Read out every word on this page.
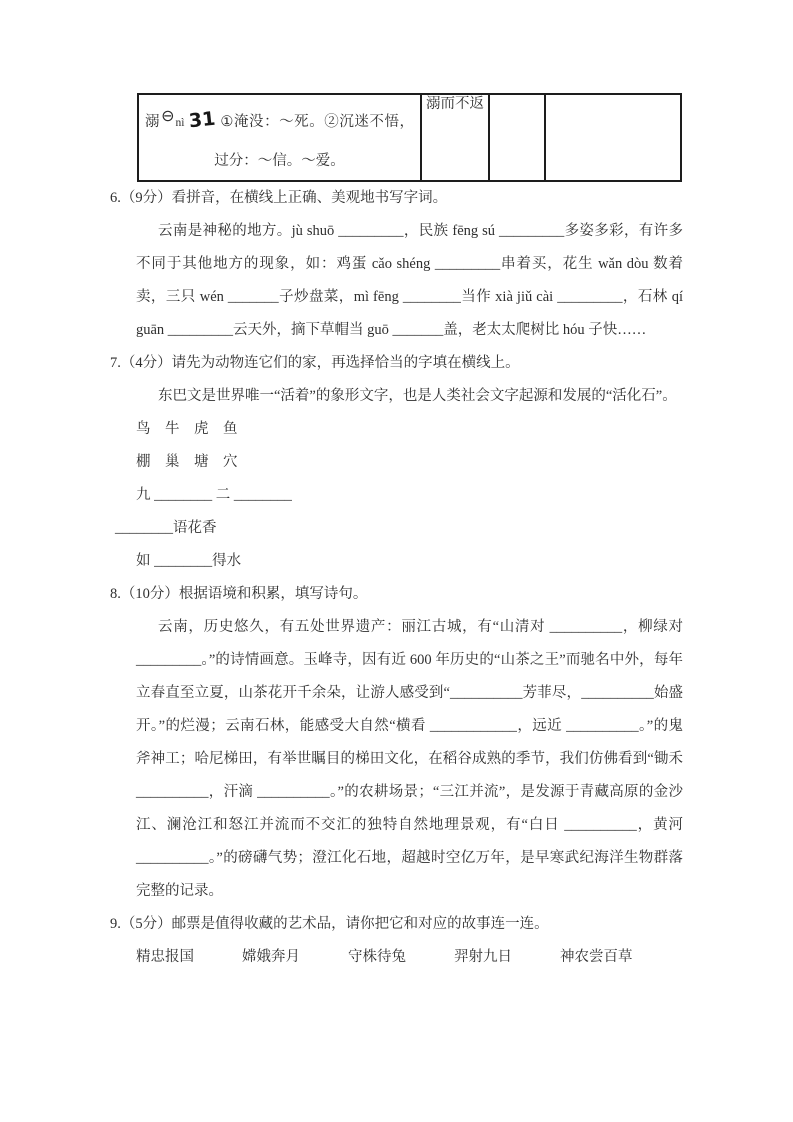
溺⊖nì 31 ①淹没：～死。②沉迷不悟，过分：～信。～爱。	溺而不返		
6.（9分）看拼音，在横线上正确、美观地书写字词。

云南是神秘的地方。jù shuō _________，民族 fēng sú _________多姿多彩，有许多不同于其他地方的现象，如：鸡蛋 cǎo shéng _________串着买，花生 wǎn dòu 数着卖，三只 wén _______子炒盘菜，mì fēng ________当作 xià jiǔ cài _________，石林 qí guān _________云天外，摘下草帽当 guō _______盖，老太太爬树比 hóu 子快……

7.（4分）请先为动物连它们的家，再选择恰当的字填在横线上。

东巴文是世界唯一“活着”的象形文字，也是人类社会文字起源和发展的“活化石”。

鸟　牛　虎　鱼
棚　巢　塘　穴
九 ________ 二 ________
________语花香
如 ________得水
8.（10分）根据语境和积累，填写诗句。

云南，历史悠久，有五处世界遗产：丽江古城，有“山清对 __________，柳绿对 _________。”的诗情画意。玉峰寺，因有近 600 年历史的“山茶之王”而驰名中外，每年立春直至立夏，山茶花开千余朵，让游人感受到“__________芳菲尽，__________始盛开。”的烂漫；云南石林，能感受大自然“横看 ____________，远近 __________。”的鬼斧神工；哈尼梯田，有举世瞩目的梯田文化，在稻谷成熟的季节，我们仿佛看到“锄禾 __________，汗滴 __________。”的农耕场景；“三江并流”，是发源于青藏高原的金沙江、澜沧江和怒江并流而不交汇的独特自然地理景观，有“白日 __________，黄河 __________。”的磅礴气势；澄江化石地，超越时空亿万年，是早寒武纪海洋生物群落完整的记录。

9.（5分）邮票是值得收藏的艺术品，请你把它和对应的故事连一连。
精忠报国	嫦娥奔月	守株待兔	羿射九日	神农尝百草
